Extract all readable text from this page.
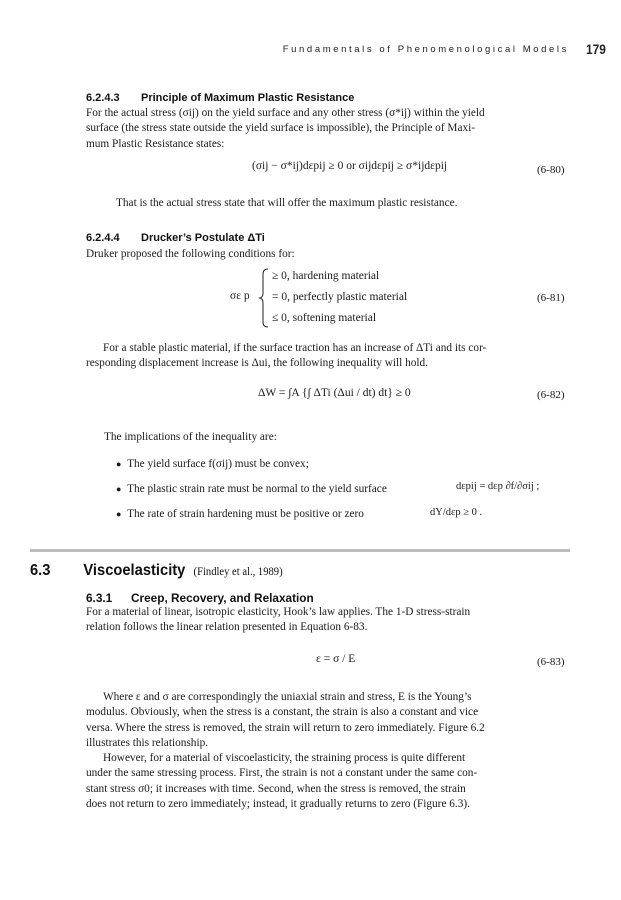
Fundamentals of Phenomenological Models 179
6.2.4.3 Principle of Maximum Plastic Resistance
For the actual stress (σij) on the yield surface and any other stress (σ*ij) within the yield
surface (the stress state outside the yield surface is impossible), the Principle of Maxi-
mum Plastic Resistance states:
(σij − σ*ij)dεpij ≥ 0 or σijdεpij ≥ σ*ijdεpij	(6-80)
That is the actual stress state that will offer the maximum plastic resistance.
6.2.4.4 Drucker’s Postulate ΔTi
Druker proposed the following conditions for:
σε p
≥ 0, hardening material
= 0, perfectly plastic material
≤ 0, softening material
(6-81)
For a stable plastic material, if the surface traction has an increase of ΔTi and its cor-
responding displacement increase is Δui, the following inequality will hold.
ΔW = ∫A {∫ ΔTi (Δui / dt) dt} ≥ 0	(6-82)
The implications of the inequality are:
● The yield surface f(σij) must be convex;
● The plastic strain rate must be normal to the yield surface	dεpij = dεp ∂f/∂σij ;
● The rate of strain hardening must be positive or zero	dY/dεp ≥ 0 .
6.3 Viscoelasticity (Findley et al., 1989)
6.3.1 Creep, Recovery, and Relaxation
For a material of linear, isotropic elasticity, Hook’s law applies. The 1-D stress-strain
relation follows the linear relation presented in Equation 6-83.
ε = σ / E	(6-83)
Where ε and σ are correspondingly the uniaxial strain and stress, E is the Young’s
modulus. Obviously, when the stress is a constant, the strain is also a constant and vice
versa. Where the stress is removed, the strain will return to zero immediately. Figure 6.2
illustrates this relationship.
However, for a material of viscoelasticity, the straining process is quite different
under the same stressing process. First, the strain is not a constant under the same con-
stant stress σ0; it increases with time. Second, when the stress is removed, the strain
does not return to zero immediately; instead, it gradually returns to zero (Figure 6.3).
